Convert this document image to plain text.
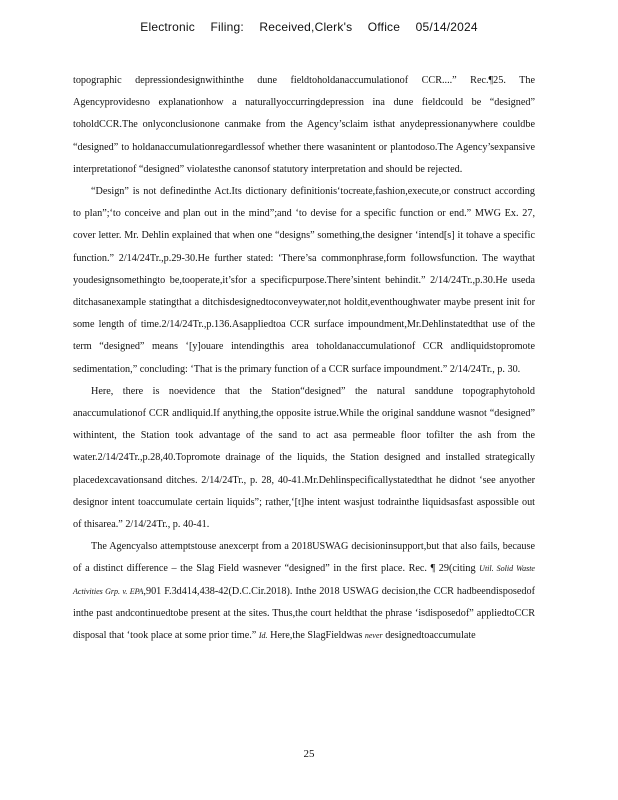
Electronic Filing: Received,Clerk's Office 05/14/2024

topographic depressiondesignwithinthe dune fieldtoholdanaccumulationof CCR....” Rec.¶25. The Agencyprovidesno explanationhow a naturallyoccurringdepression ina dune fieldcould be “designed” toholdCCR.The onlyconclusionone canmake from the Agency’sclaim isthat anydepressionanywhere couldbe “designed” to holdanaccumulationregardlessof whether there wasanintent or plantodoso.The Agency’sexpansive interpretationof “designed” violatesthe canonsof statutory interpretation and should be rejected.

“Design” is not definedinthe Act.Its dictionary definitionis‘tocreate,fashion,execute,or construct according to plan”;‘to conceive and plan out in the mind”;and ‘to devise for a specific function or end.” MWG Ex. 27, cover letter. Mr. Dehlin explained that when one “designs” something,the designer ‘intend[s] it tohave a specific function.” 2/14/24Tr.,p.29-30.He further stated: ‘There’sa commonphrase,form followsfunction. The waythat youdesignsomethingto be,tooperate,it’sfor a specificpurpose.There’sintent behindit.” 2/14/24Tr.,p.30.He useda ditchasanexample statingthat a ditchisdesignedtoconveywater,not holdit,eventhoughwater maybe present init for some length of time.2/14/24Tr.,p.136.Asappliedtoa CCR surface impoundment,Mr.Dehlinstatedthat use of the term “designed” means ‘[y]ouare intendingthis area toholdanaccumulationof CCR andliquidstopromote sedimentation,” concluding: ‘That is the primary function of a CCR surface impoundment.” 2/14/24Tr., p. 30.

Here, there is noevidence that the Station“designed” the natural sanddune topographytohold anaccumulationof CCR andliquid.If anything,the opposite istrue.While the original sanddune wasnot “designed” withintent, the Station took advantage of the sand to act asa permeable floor tofilter the ash from the water.2/14/24Tr.,p.28,40.Topromote drainage of the liquids, the Station designed and installed strategically placedexcavationsand ditches. 2/14/24Tr., p. 28, 40-41.Mr.Dehlinspecificallystatedthat he didnot ‘see anyother designor intent toaccumulate certain liquids”; rather,‘[t]he intent wasjust todrainthe liquidsasfast aspossible out of thisarea.” 2/14/24Tr., p. 40-41.

The Agencyalso attemptstouse anexcerpt from a 2018USWAG decisioninsupport,but that also fails, because of a distinct difference – the Slag Field wasnever “designed” in the first place. Rec. ¶ 29(citing Util. Solid Waste Activities Grp. v. EPA,901 F.3d414,438-42(D.C.Cir.2018). Inthe 2018 USWAG decision,the CCR hadbeendisposedof inthe past andcontinuedtobe present at the sites. Thus,the court heldthat the phrase ‘isdisposedof” appliedtoCCR disposal that ‘took place at some prior time.” Id. Here,the SlagFieldwas never designedtoaccumulate

25
